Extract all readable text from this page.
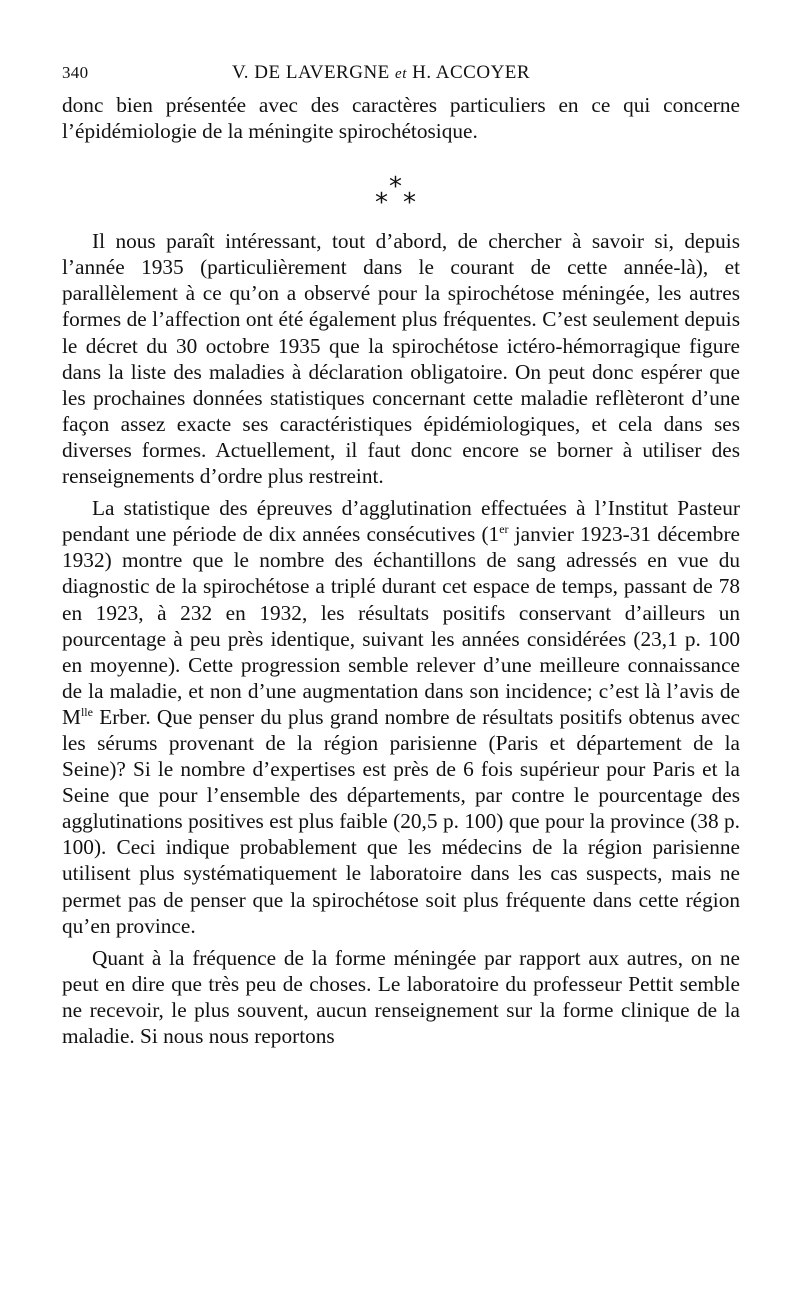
340	V. DE LAVERGNE et H. ACCOYER

donc bien présentée avec des caractères particuliers en ce qui concerne l’épidémiologie de la méningite spirochétosique.

*
* *

Il nous paraît intéressant, tout d’abord, de chercher à savoir si, depuis l’année 1935 (particulièrement dans le courant de cette année-là), et parallèlement à ce qu’on a observé pour la spirochétose méningée, les autres formes de l’affection ont été également plus fréquentes. C’est seulement depuis le décret du 30 octobre 1935 que la spirochétose ictéro-hémorragique figure dans la liste des maladies à déclaration obligatoire. On peut donc espérer que les prochaines données statistiques concernant cette maladie reflèteront d’une façon assez exacte ses caractéristiques épidémiologiques, et cela dans ses diverses formes. Actuellement, il faut donc encore se borner à utiliser des renseignements d’ordre plus restreint.

La statistique des épreuves d’agglutination effectuées à l’Institut Pasteur pendant une période de dix années consécutives (1er janvier 1923-31 décembre 1932) montre que le nombre des échantillons de sang adressés en vue du diagnostic de la spirochétose a triplé durant cet espace de temps, passant de 78 en 1923, à 232 en 1932, les résultats positifs conservant d’ailleurs un pourcentage à peu près identique, suivant les années considérées (23,1 p. 100 en moyenne). Cette progression semble relever d’une meilleure connaissance de la maladie, et non d’une augmentation dans son incidence; c’est là l’avis de $M^{lle}$ Erber. Que penser du plus grand nombre de résultats positifs obtenus avec les sérums provenant de la région parisienne (Paris et département de la Seine)? Si le nombre d’expertises est près de 6 fois supérieur pour Paris et la Seine que pour l’ensemble des départements, par contre le pourcentage des agglutinations positives est plus faible (20,5 p. 100) que pour la province (38 p. 100). Ceci indique probablement que les médecins de la région parisienne utilisent plus systématiquement le laboratoire dans les cas suspects, mais ne permet pas de penser que la spirochétose soit plus fréquente dans cette région qu’en province.

Quant à la fréquence de la forme méningée par rapport aux autres, on ne peut en dire que très peu de choses. Le laboratoire du professeur Pettit semble ne recevoir, le plus souvent, aucun renseignement sur la forme clinique de la maladie. Si nous nous reportons
